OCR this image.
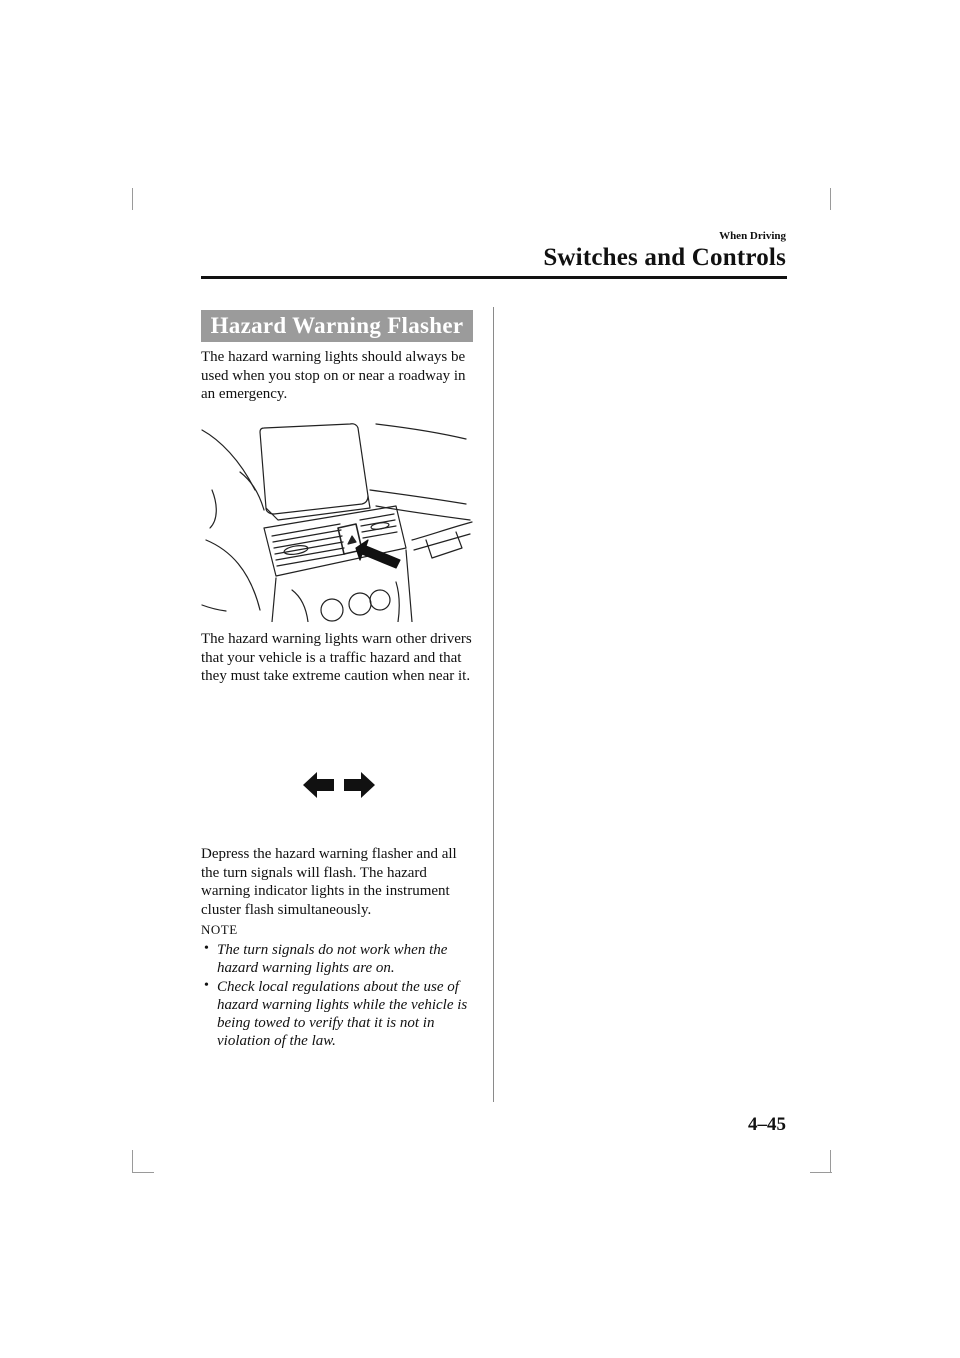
When Driving
Switches and Controls
Hazard Warning Flasher

The hazard warning lights should always be used when you stop on or near a roadway in an emergency.

The hazard warning lights warn other drivers that your vehicle is a traffic hazard and that they must take extreme caution when near it.

Depress the hazard warning flasher and all the turn signals will flash. The hazard warning indicator lights in the instrument cluster flash simultaneously.

NOTE
• The turn signals do not work when the hazard warning lights are on.
• Check local regulations about the use of hazard warning lights while the vehicle is being towed to verify that it is not in violation of the law.
4–45
